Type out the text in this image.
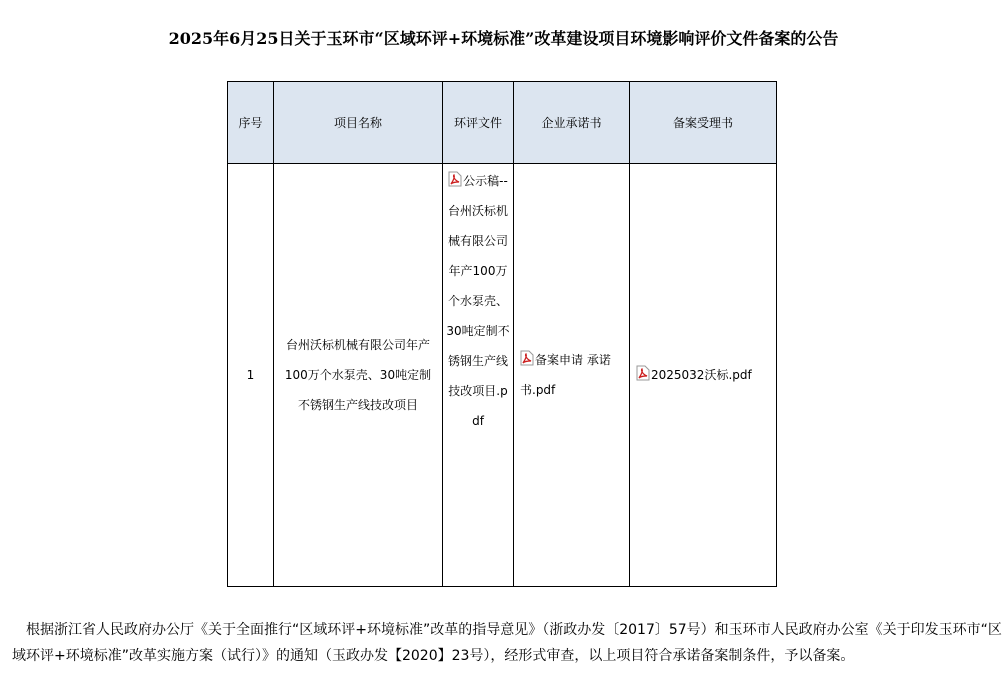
2025年6月25日关于玉环市“区域环评+环境标准”改革建设项目环境影响评价文件备案的公告
序号	项目名称	环评文件	企业承诺书	备案受理书
1	台州沃标机械有限公司年产100万个水泵壳、30吨定制不锈钢生产线技改项目	公示稿--台州沃标机械有限公司年产100万个水泵壳、30吨定制不锈钢生产线技改项目.pdf	备案申请 承诺书.pdf	2025032沃标.pdf
根据浙江省人民政府办公厅《关于全面推行“区域环评+环境标准”改革的指导意见》（浙政办发〔2017〕57号）和玉环市人民政府办公室《关于印发玉环市“区域环评+环境标准”改革实施方案（试行）》的通知（玉政办发【2020】23号），经形式审查，以上项目符合承诺备案制条件，予以备案。
